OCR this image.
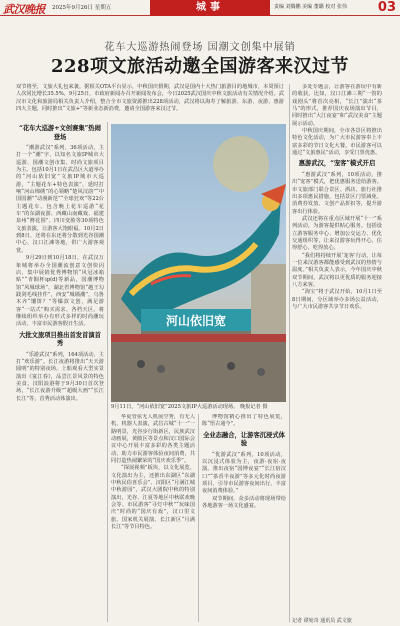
武汉晚报 2025年9月26日 星期五	城事	责编 刘腾鹏 美编 董璐 校对 张伟	03
花车大巡游热闹登场 国潮文创集中展销
228项文旅活动邀全国游客来汉过节
双节将至，文旅大礼包来袭。据相关OTA平台显示，中秋国庆假期，武汉是国内十大热门旅游目的地城市，本周预订人次同比增长35.5%。9月25日，市政府新闻办召开新闻发布会，今日2025武汉国庆中秋文旅活动有关情况介绍。武汉市文化和旅游局相关负责人介绍，整合全市文旅资源推出228项活动，武汉将以海寿了解旅游、东游、夜游、惠游四大主题，同时推出“文旅+”等新业态新消费，邀请全国游客来汉过节。
“花车大巡游+文创赛集”热闹登场

“潮游武汉”系列，36项活动，主打一个“潮”字，以知名文旅IP城市大巡游、国潮文创市集、时尚文旅项目为主。包括10月1日在武昌区大道举办的“河山依旧宽”文旅IP城市大巡游，“主题花车+特色表演”，延时打响“河山锦绣”的心领略“楚风汉韵”“中国国潮”“动漫新范”“全球狂欢”等22台主题花车。包含晚上花车巡游“花车”的东湖夜游、西藏山南藏戏、福建泉州“簪花围”、四川变脸等30项特色文旅表演，让游客大饱眼福。10月2日到8日，还将在东还将分散到光谷国潮中心、汉口江滩等地，供广大游客观赏。

9月29日到10月18日，在武汉万象城将举办全国潮流创意文创快闪店，集中展销优秀博物馆“风冠冰箱贴”“青铜杯ip(d)等新品，国潮博物馆“风城球场”，湖北省博物馆“越王勾践剑毛线挂件”，西安“城墙潮”，乌鲁木齐“馕饼？”等爆款文创，满足游客“一站式”购买需求。各档天区，将继续组织举办有形式多样的时尚潮玩活动，丰富市民游客假日生活。

大批文旅项目推出首发首演首秀

“乐游武汉”系列，164项活动，主打“欢乐游”。长江夜游将推出“天天游圆明”的特别夜场。上船观看大型实景演出《宴江春》，品尝江景风景的特色美食。汉阳浪港将于9月30日首次登场，“长江夜游升级”“超级大画”“长江长江”等，首秀活动体演出。

河山依旧宽
9月11日，“河山依旧宽”2025文旅IP大巡游活动现场。 晚报记者 摄

华夏管弦无人机展空秀，有无人机、机器人表演，武昌古城“十一”一路明景，光谷步行街新区，民族武汉动画展，黄陂区等景点和汉口国际会议中心开展丰富多彩的各类主题活动，助力市民游客体验夜间消费，共同打造热闹繁荣的“国庆欢乐季”。

“探展视频”板块，以文化展览、文化演出为主，还推出东湖区“东湖中秋民俗喜乐会”、汉阳区“月满江城中秋游园”，武汉大剧院中秋的特别演出，光谷、江夏等地区中秋联欢晚会等。市民游客“寻灯中秋”“玩味国庆”时尚的“国庆有戏”，汉口里文旅、国家机关展演、长江新区“月满长江”等节目特色。

博物馆精心推出了特色展览，陈“悟古通今”。

全业态融合，让游客沉浸式体验

“优游武汉”系列，10项活动，以沉浸式体验为主，夜游·夜宿·夜演。推出夜宿“国博夜宴”“长江宿汉口”“茶香半夜游”等多元化时尚夜游项目，引导市民游客夜间出行，丰富夜间消费体验。”

双节期间，众多活动将现场带给各地游客一场文化盛宴。

多处专题会，让游客在游玩中有新的收获。比如，汉口江滩三期“一馆的戏剧头”将首次亮相，“长江”演出“茶马”的形式，推荐国庆夜场演出节目，同时推出“大江夜宴”和“武汉美食”主题展示活动。

中秋国庆期间，全市各景区将推出特色文化活动，为广大市民游客奉上丰富多彩的节日文化大餐。市民游客可以通过“文旅惠民”活动，享受门票优惠。

惠游武汉，“宠客”模式开启

“惠游武汉”系列，10项活动，推出“宠客”模式，把优惠服务送给游客。市文旅部门联合景区、酒店、旅行社推出多项惠民措施，包括景区门票减免、消费券发放、文创产品折扣等，提升游客出行体验。

武汉还将在重点区域开展“十一”系列活动，为游客提供贴心服务。包括设立游客服务中心、增加公交运力、优化交通组织等，让来汉游客玩得开心、住得舒心、吃得放心。

“我们将持续开展‘宠客’行动，让每一位来汉游客都能感受到武汉的热情与温度。”相关负责人表示，今年国庆中秋双节期间，武汉将以更优质的服务迎接八方来客。

“海宝”将于武汉开始，10月1日至8日期间，分区域举办多场公益活动，与广大市民游客共享节日欢乐。

记者 谭宛奇 通讯员 武文旅
